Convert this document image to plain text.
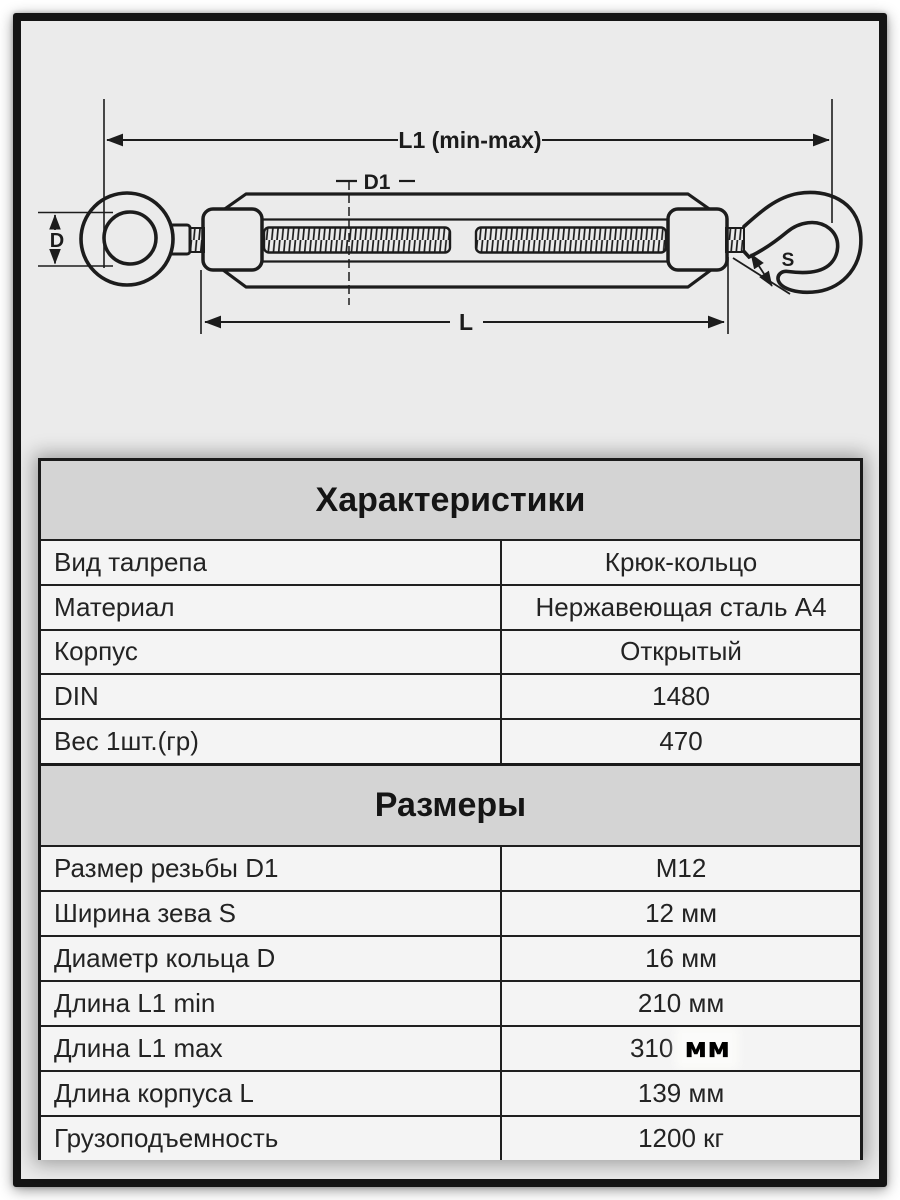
L1 (min-max)
D1
D
S
L
Характеристики
Вид талрепа	Крюк-кольцо
Материал	Нержавеющая сталь А4
Корпус	Открытый
DIN	1480
Вес 1шт.(гр)	470
Размеры
Размер резьбы D1	М12
Ширина зева S	12 мм
Диаметр кольца D	16 мм
Длина L1 min	210 мм
Длина L1 max	310 мм
Длина корпуса L	139 мм
Грузоподъемность	1200 кг
